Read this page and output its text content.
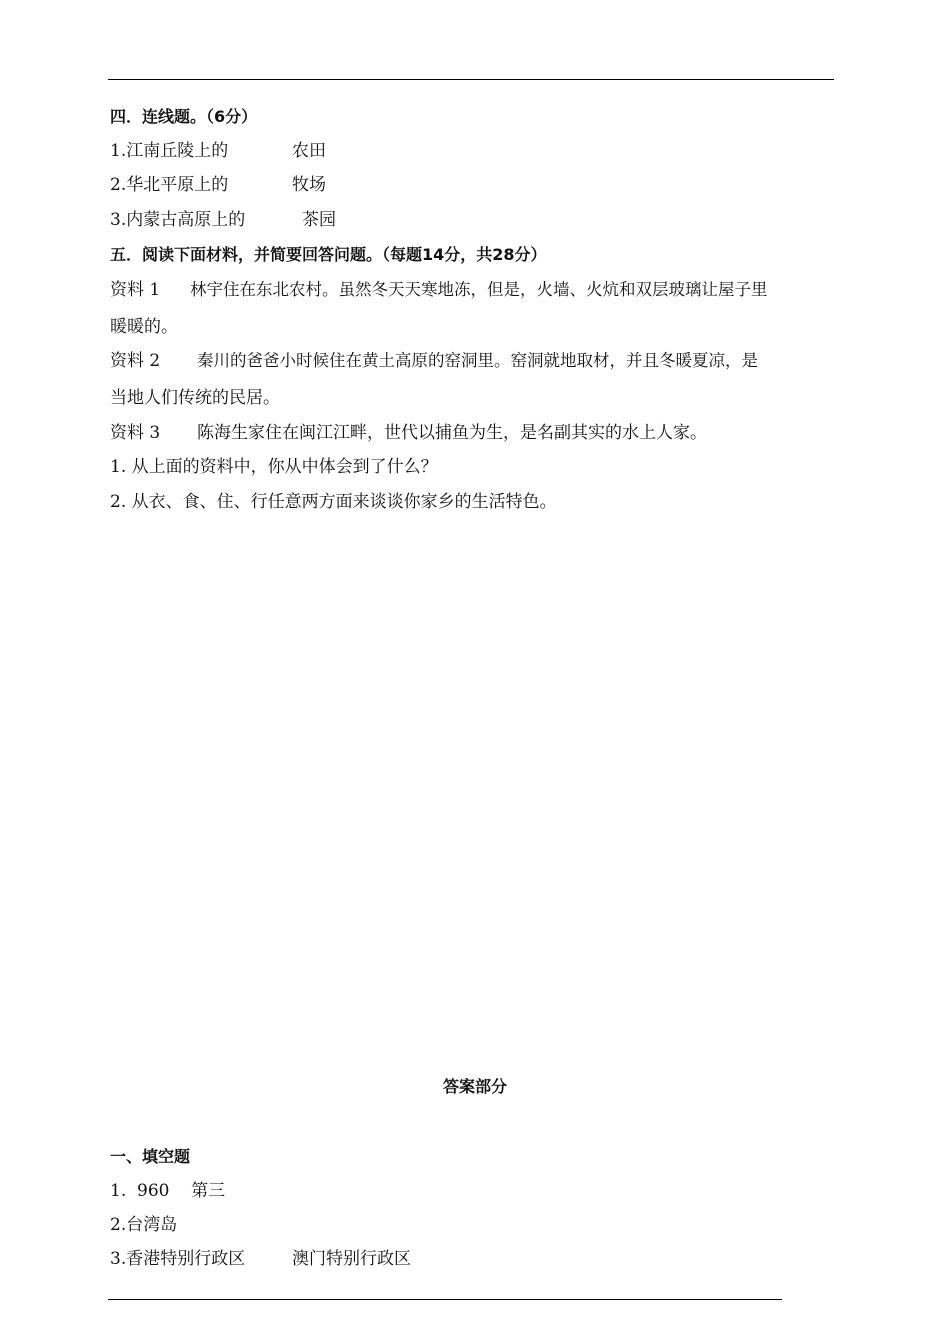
四．连线题。（6分）
1.江南丘陵上的	农田
2.华北平原上的	牧场
3.内蒙古高原上的	茶园
五．阅读下面材料，并简要回答问题。（每题14分，共28分）
资料 1 林宇住在东北农村。虽然冬天天寒地冻，但是，火墙、火炕和双层玻璃让屋子里
暖暖的。
资料 2 秦川的爸爸小时候住在黄土高原的窑洞里。窑洞就地取材，并且冬暖夏凉，是
当地人们传统的民居。
资料 3 陈海生家住在闽江江畔，世代以捕鱼为生，是名副其实的水上人家。
1. 从上面的资料中，你从中体会到了什么？
2. 从衣、食、住、行任意两方面来谈谈你家乡的生活特色。
答案部分
一、填空题
1.  960    第三
2.台湾岛
3.香港特别行政区	澳门特别行政区
